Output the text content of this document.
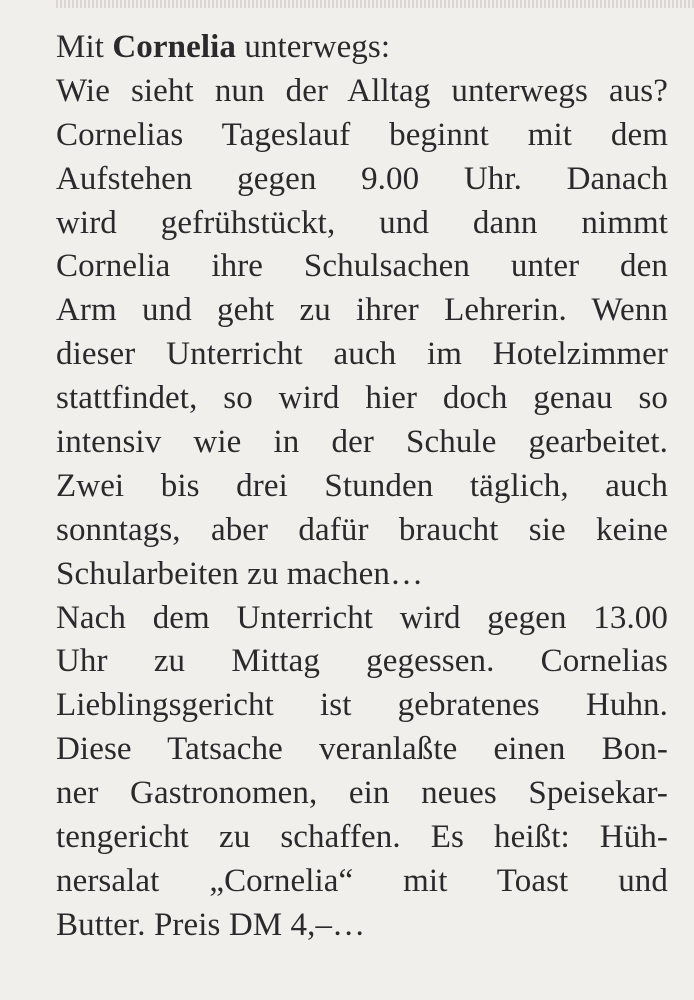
Mit Cornelia unterwegs:
Wie sieht nun der Alltag unterwegs aus?
Cornelias Tageslauf beginnt mit dem
Aufstehen gegen 9.00 Uhr. Danach
wird gefrühstückt, und dann nimmt
Cornelia ihre Schulsachen unter den
Arm und geht zu ihrer Lehrerin. Wenn
dieser Unterricht auch im Hotelzimmer
stattfindet, so wird hier doch genau so
intensiv wie in der Schule gearbeitet.
Zwei bis drei Stunden täglich, auch
sonntags, aber dafür braucht sie keine
Schularbeiten zu machen…
Nach dem Unterricht wird gegen 13.00
Uhr zu Mittag gegessen. Cornelias
Lieblingsgericht ist gebratenes Huhn.
Diese Tatsache veranlaßte einen Bon-
ner Gastronomen, ein neues Speisekar-
tengericht zu schaffen. Es heißt: Hüh-
nersalat „Cornelia“ mit Toast und
Butter. Preis DM 4,–…
